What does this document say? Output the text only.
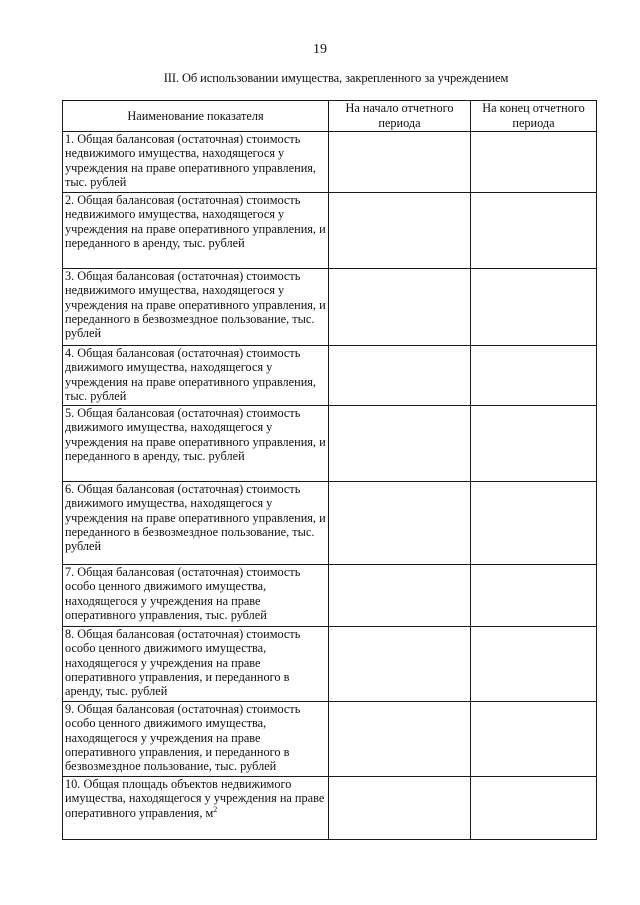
19
III. Об использовании имущества, закрепленного за учреждением
Наименование показателя	На начало отчетного периода	На конец отчетного периода
1. Общая балансовая (остаточная) стоимость недвижимого имущества, находящегося у учреждения на праве оперативного управления, тыс. рублей		
2. Общая балансовая (остаточная) стоимость недвижимого имущества, находящегося у учреждения на праве оперативного управления, и переданного в аренду, тыс. рублей		
3. Общая балансовая (остаточная) стоимость недвижимого имущества, находящегося у учреждения на праве оперативного управления, и переданного в безвозмездное пользование, тыс. рублей		
4. Общая балансовая (остаточная) стоимость движимого имущества, находящегося у учреждения на праве оперативного управления, тыс. рублей		
5. Общая балансовая (остаточная) стоимость движимого имущества, находящегося у учреждения на праве оперативного управления, и переданного в аренду, тыс. рублей		
6. Общая балансовая (остаточная) стоимость движимого имущества, находящегося у учреждения на праве оперативного управления, и переданного в безвозмездное пользование, тыс. рублей		
7. Общая балансовая (остаточная) стоимость особо ценного движимого имущества, находящегося у учреждения на праве оперативного управления, тыс. рублей		
8. Общая балансовая (остаточная) стоимость особо ценного движимого имущества, находящегося у учреждения на праве оперативного управления, и переданного в аренду, тыс. рублей		
9. Общая балансовая (остаточная) стоимость особо ценного движимого имущества, находящегося у учреждения на праве оперативного управления, и переданного в безвозмездное пользование, тыс. рублей		
10. Общая площадь объектов недвижимого имущества, находящегося у учреждения на праве оперативного управления, $м^2$		
